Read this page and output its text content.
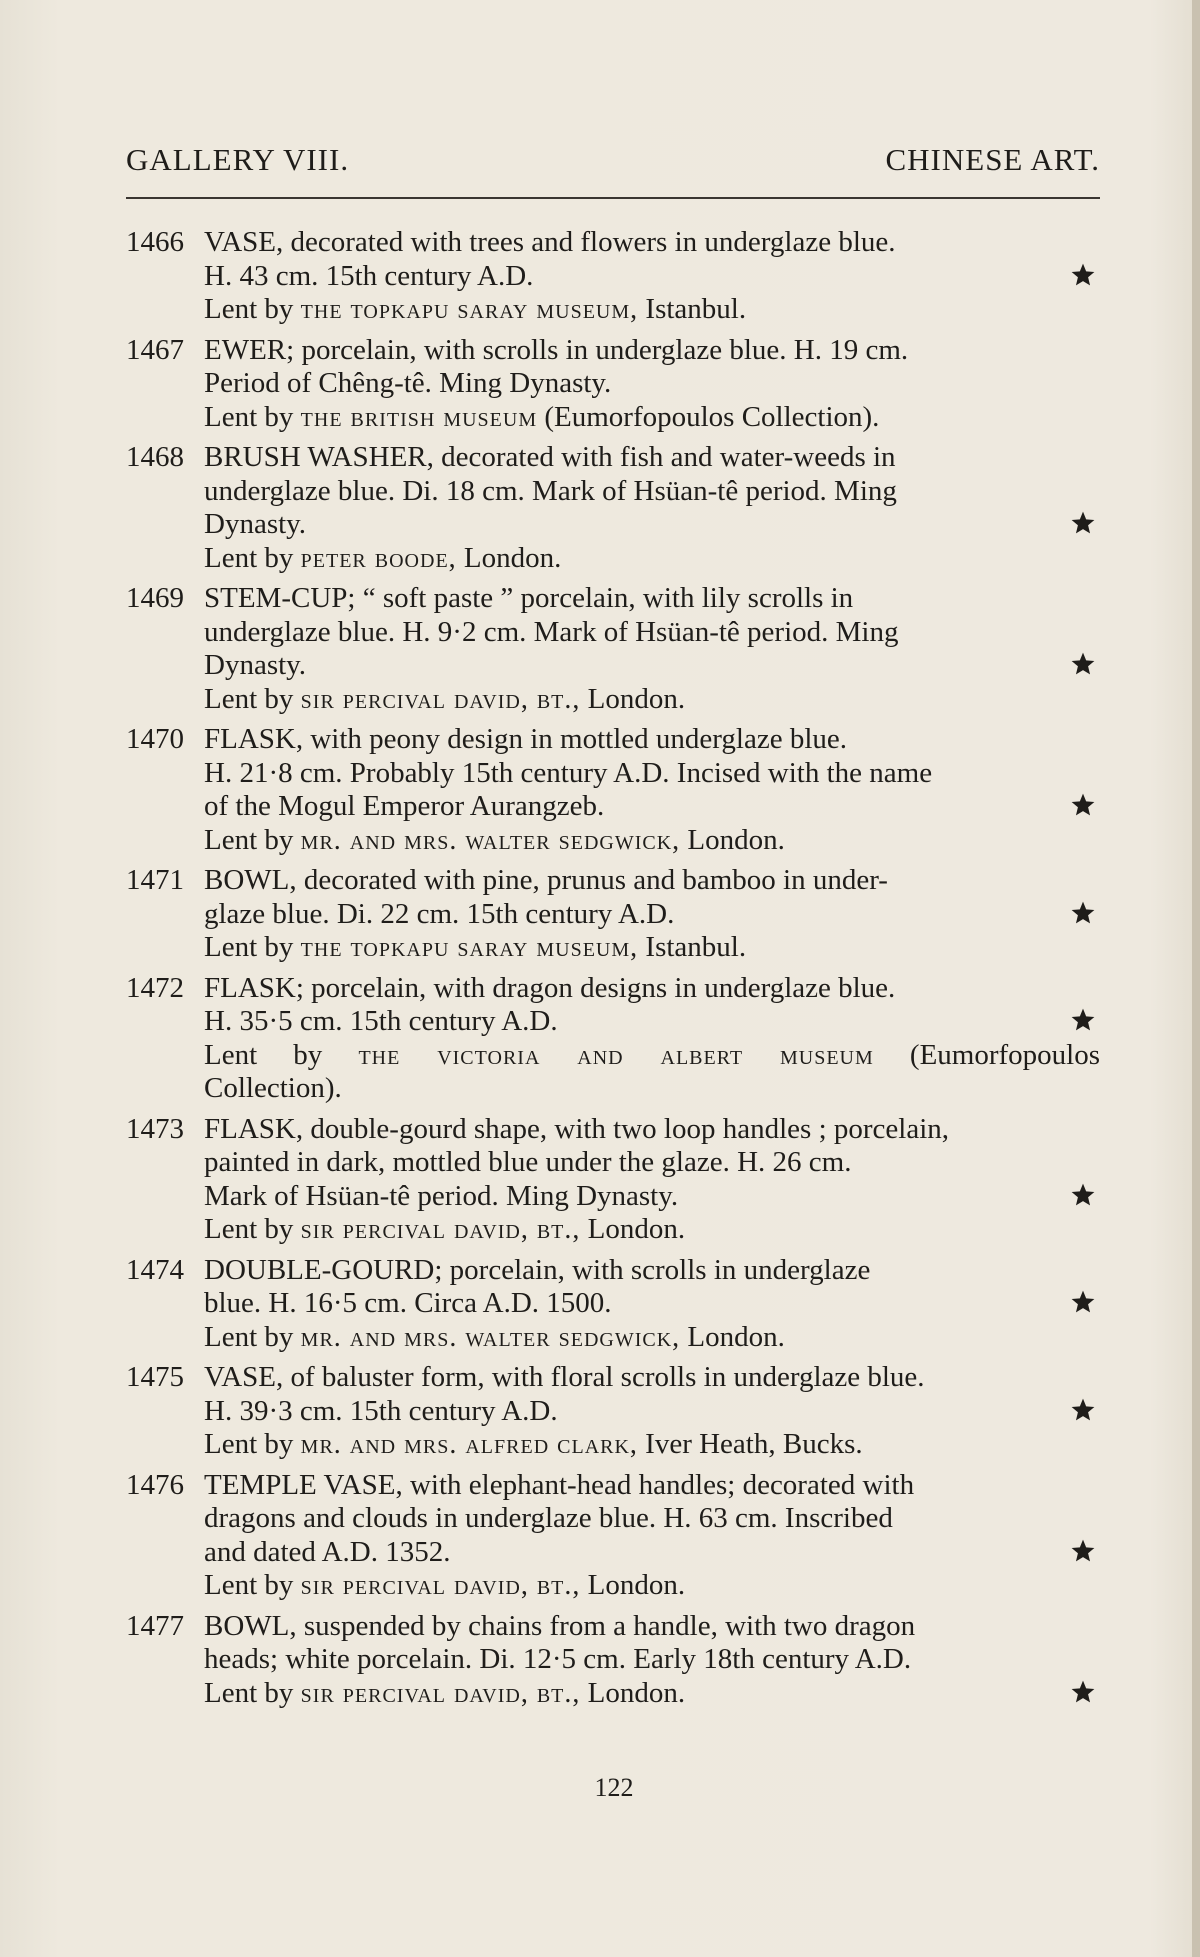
GALLERY VIII.	CHINESE ART.
1466 VASE, decorated with trees and flowers in underglaze blue.
H. 43 cm. 15th century A.D.
Lent by the topkapu saray museum, Istanbul.
1467 EWER; porcelain, with scrolls in underglaze blue. H. 19 cm.
Period of Chêng-tê. Ming Dynasty.
Lent by the british museum (Eumorfopoulos Collection).
1468 BRUSH WASHER, decorated with fish and water-weeds in
underglaze blue. Di. 18 cm. Mark of Hsüan-tê period. Ming
Dynasty.
Lent by peter boode, London.
1469 STEM-CUP; “ soft paste ” porcelain, with lily scrolls in
underglaze blue. H. 9·2 cm. Mark of Hsüan-tê period. Ming
Dynasty.
Lent by sir percival david, bt., London.
1470 FLASK, with peony design in mottled underglaze blue.
H. 21·8 cm. Probably 15th century A.D. Incised with the name
of the Mogul Emperor Aurangzeb.
Lent by mr. and mrs. walter sedgwick, London.
1471 BOWL, decorated with pine, prunus and bamboo in under-
glaze blue. Di. 22 cm. 15th century A.D.
Lent by the topkapu saray museum, Istanbul.
1472 FLASK; porcelain, with dragon designs in underglaze blue.
H. 35·5 cm. 15th century A.D.
Lent by the victoria and albert museum (Eumorfopoulos
Collection).
1473 FLASK, double-gourd shape, with two loop handles ; porcelain,
painted in dark, mottled blue under the glaze. H. 26 cm.
Mark of Hsüan-tê period. Ming Dynasty.
Lent by sir percival david, bt., London.
1474 DOUBLE-GOURD; porcelain, with scrolls in underglaze
blue. H. 16·5 cm. Circa A.D. 1500.
Lent by mr. and mrs. walter sedgwick, London.
1475 VASE, of baluster form, with floral scrolls in underglaze blue.
H. 39·3 cm. 15th century A.D.
Lent by mr. and mrs. alfred clark, Iver Heath, Bucks.
1476 TEMPLE VASE, with elephant-head handles; decorated with
dragons and clouds in underglaze blue. H. 63 cm. Inscribed
and dated A.D. 1352.
Lent by sir percival david, bt., London.
1477 BOWL, suspended by chains from a handle, with two dragon
heads; white porcelain. Di. 12·5 cm. Early 18th century A.D.
Lent by sir percival david, bt., London.
122
